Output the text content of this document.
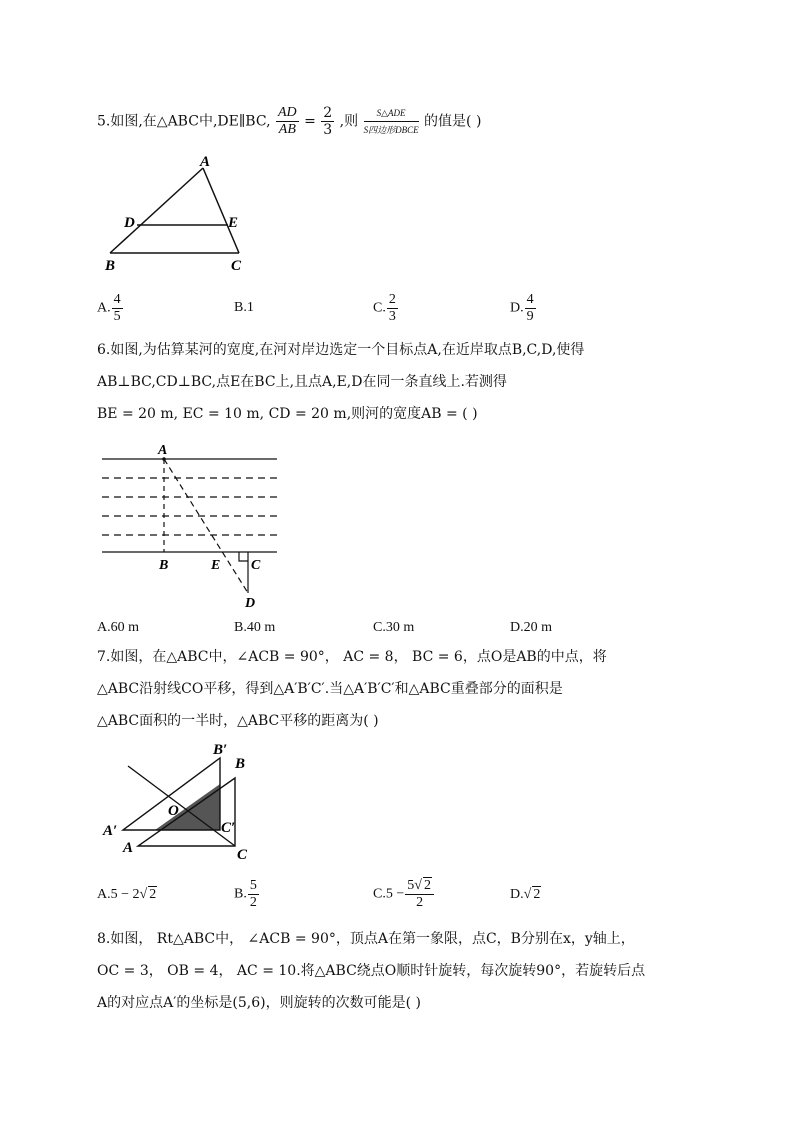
5.如图,在△ABC中,DE∥BC, $\frac{AD}{AB} = \frac{2}{3}$ ,则 $\frac{\text{S△ADE}}{\text{S四边形DBCE}}$ 的值是( )
A
D	E
B	C
A. $\frac{4}{5}$	B.1	C. $\frac{2}{3}$	D. $\frac{4}{9}$
6.如图,为估算某河的宽度,在河对岸边选定一个目标点A,在近岸取点B,C,D,使得
AB⊥BC,CD⊥BC,点E在BC上,且点A,E,D在同一条直线上.若测得
BE = 20 m, EC = 10 m, CD = 20 m,则河的宽度AB = ( )
A
B	E C
D
A.60 m	B.40 m	C.30 m	D.20 m
7.如图，在△ABC中，∠ACB = 90°， AC = 8， BC = 6，点O是AB的中点，将
△ABC沿射线CO平移，得到△A′B′C′.当△A′B′C′和△ABC重叠部分的面积是
△ABC面积的一半时，△ABC平移的距离为( )
B′
B
O
A′	C′
A	C
A.5 − 2√ 2	B. $\frac{5}{2}$	$C.5 - \frac{5√ 2}{2}$	D.√ 2
8.如图， Rt△ABC中， ∠ACB = 90°，顶点A在第一象限，点C，B分别在x，y轴上，
OC = 3， OB = 4， AC = 10.将△ABC绕点O顺时针旋转，每次旋转90°，若旋转后点
A的对应点A′的坐标是(5,6)，则旋转的次数可能是( )
